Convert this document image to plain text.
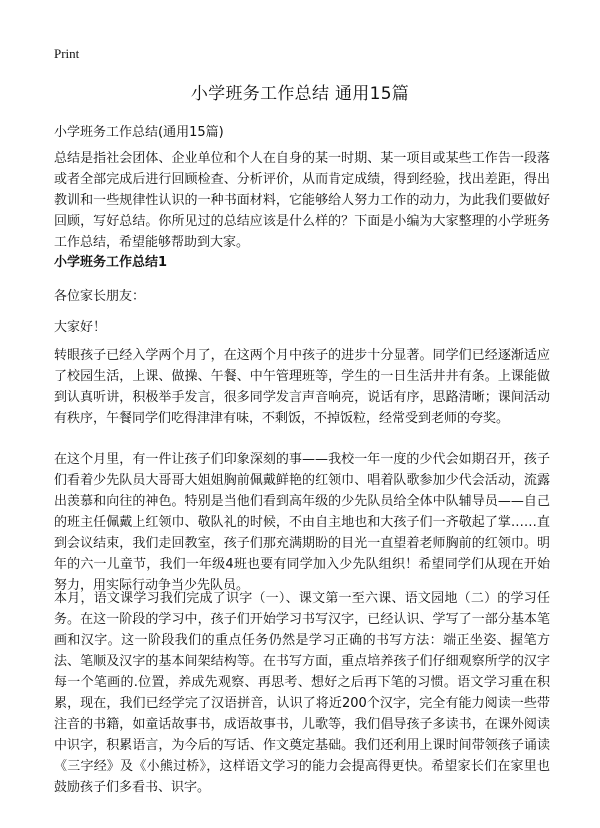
Print
小学班务工作总结 通用15篇
小学班务工作总结(通用15篇)
总结是指社会团体、企业单位和个人在自身的某一时期、某一项目或某些工作告一段落或者全部完成后进行回顾检查、分析评价，从而肯定成绩，得到经验，找出差距，得出教训和一些规律性认识的一种书面材料，它能够给人努力工作的动力，为此我们要做好回顾，写好总结。你所见过的总结应该是什么样的？下面是小编为大家整理的小学班务工作总结，希望能够帮助到大家。
小学班务工作总结1
各位家长朋友：
大家好！
转眼孩子已经入学两个月了，在这两个月中孩子的进步十分显著。同学们已经逐渐适应了校园生活，上课、做操、午餐、中午管理班等，学生的一日生活井井有条。上课能做到认真听讲，积极举手发言，很多同学发言声音响亮，说话有序，思路清晰；课间活动有秩序，午餐同学们吃得津津有味，不剩饭，不掉饭粒，经常受到老师的夸奖。
在这个月里，有一件让孩子们印象深刻的事——我校一年一度的少代会如期召开，孩子们看着少先队员大哥哥大姐姐胸前佩戴鲜艳的红领巾、唱着队歌参加少代会活动，流露出羡慕和向往的神色。特别是当他们看到高年级的少先队员给全体中队辅导员——自己的班主任佩戴上红领巾、敬队礼的时候，不由自主地也和大孩子们一齐敬起了掌……直到会议结束，我们走回教室，孩子们那充满期盼的目光一直望着老师胸前的红领巾。明年的六一儿童节，我们一年级4班也要有同学加入少先队组织！希望同学们从现在开始努力，用实际行动争当少先队员。
本月，语文课学习我们完成了识字（一）、课文第一至六课、语文园地（二）的学习任务。在这一阶段的学习中，孩子们开始学习书写汉字，已经认识、学写了一部分基本笔画和汉字。这一阶段我们的重点任务仍然是学习正确的书写方法：端正坐姿、握笔方法、笔顺及汉字的基本间架结构等。在书写方面，重点培养孩子们仔细观察所学的汉字每一个笔画的.位置，养成先观察、再思考、想好之后再下笔的习惯。语文学习重在积累，现在，我们已经学完了汉语拼音，认识了将近200个汉字，完全有能力阅读一些带注音的书籍，如童话故事书，成语故事书，儿歌等，我们倡导孩子多读书，在课外阅读中识字，积累语言，为今后的写话、作文奠定基础。我们还利用上课时间带领孩子诵读《三字经》及《小熊过桥》，这样语文学习的能力会提高得更快。希望家长们在家里也鼓励孩子们多看书、识字。
